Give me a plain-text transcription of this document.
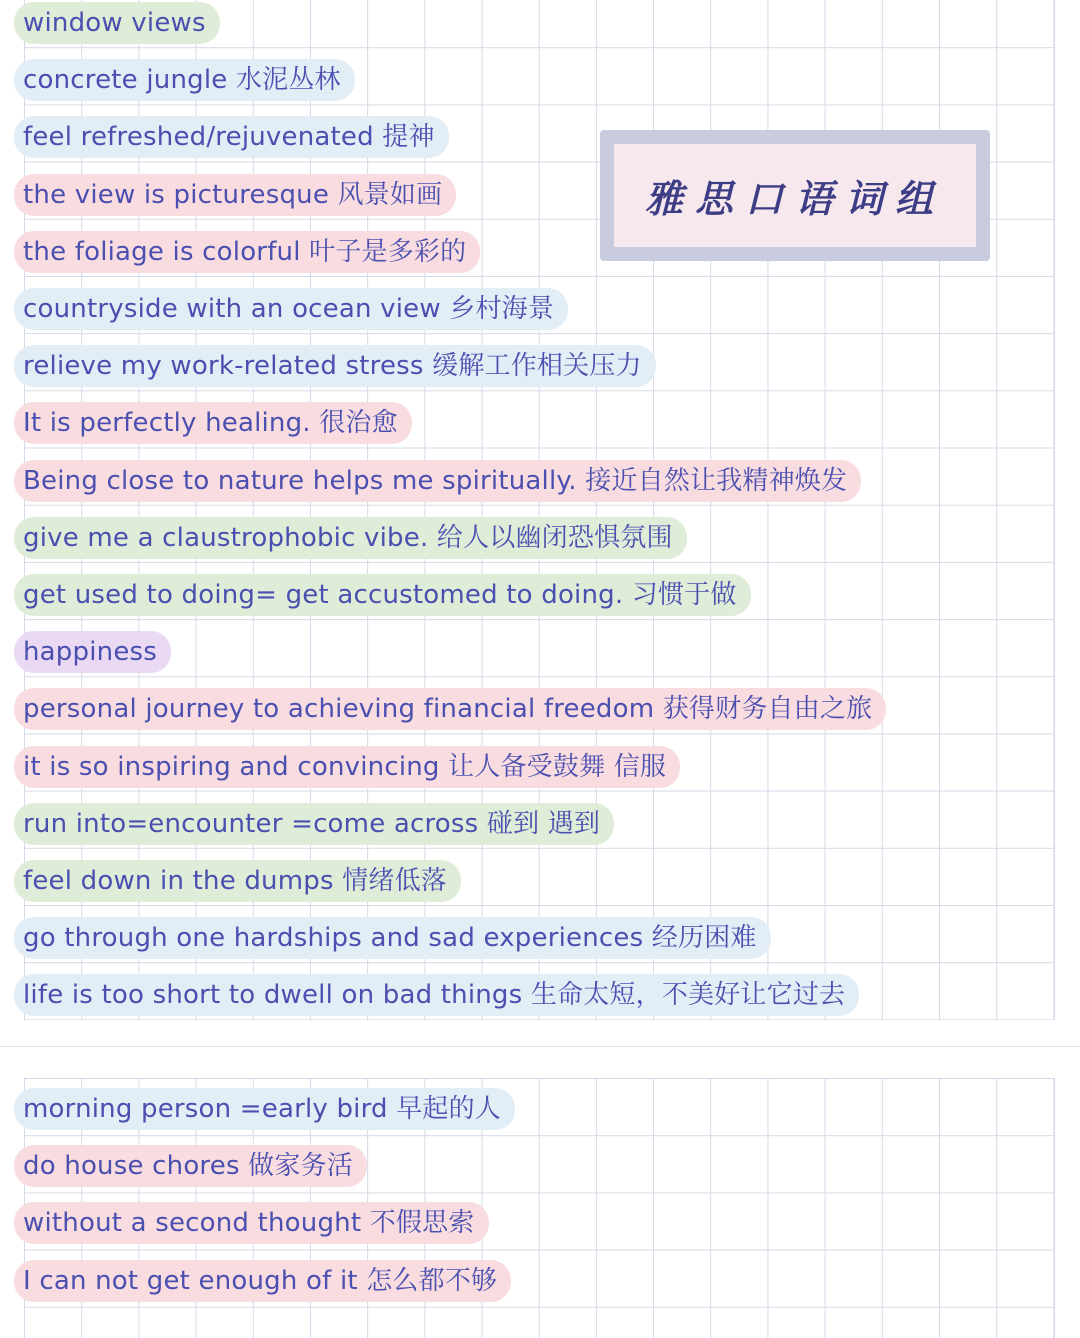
window views
concrete jungle 水泥丛林
feel refreshed/rejuvenated 提神
the view is picturesque 风景如画
the foliage is colorful 叶子是多彩的
countryside with an ocean view 乡村海景
relieve my work-related stress 缓解工作相关压力
It is perfectly healing. 很治愈
Being close to nature helps me spiritually. 接近自然让我精神焕发
give me a claustrophobic vibe. 给人以幽闭恐惧氛围
get used to doing= get accustomed to doing. 习惯于做
happiness
personal journey to achieving financial freedom 获得财务自由之旅
it is so inspiring and convincing 让人备受鼓舞 信服
run into=encounter =come across 碰到 遇到
feel down in the dumps 情绪低落
go through one hardships and sad experiences 经历困难
life is too short to dwell on bad things 生命太短，不美好让它过去
morning person =early bird 早起的人
do house chores 做家务活
without a second thought 不假思索
I can not get enough of it 怎么都不够
雅思口语词组
